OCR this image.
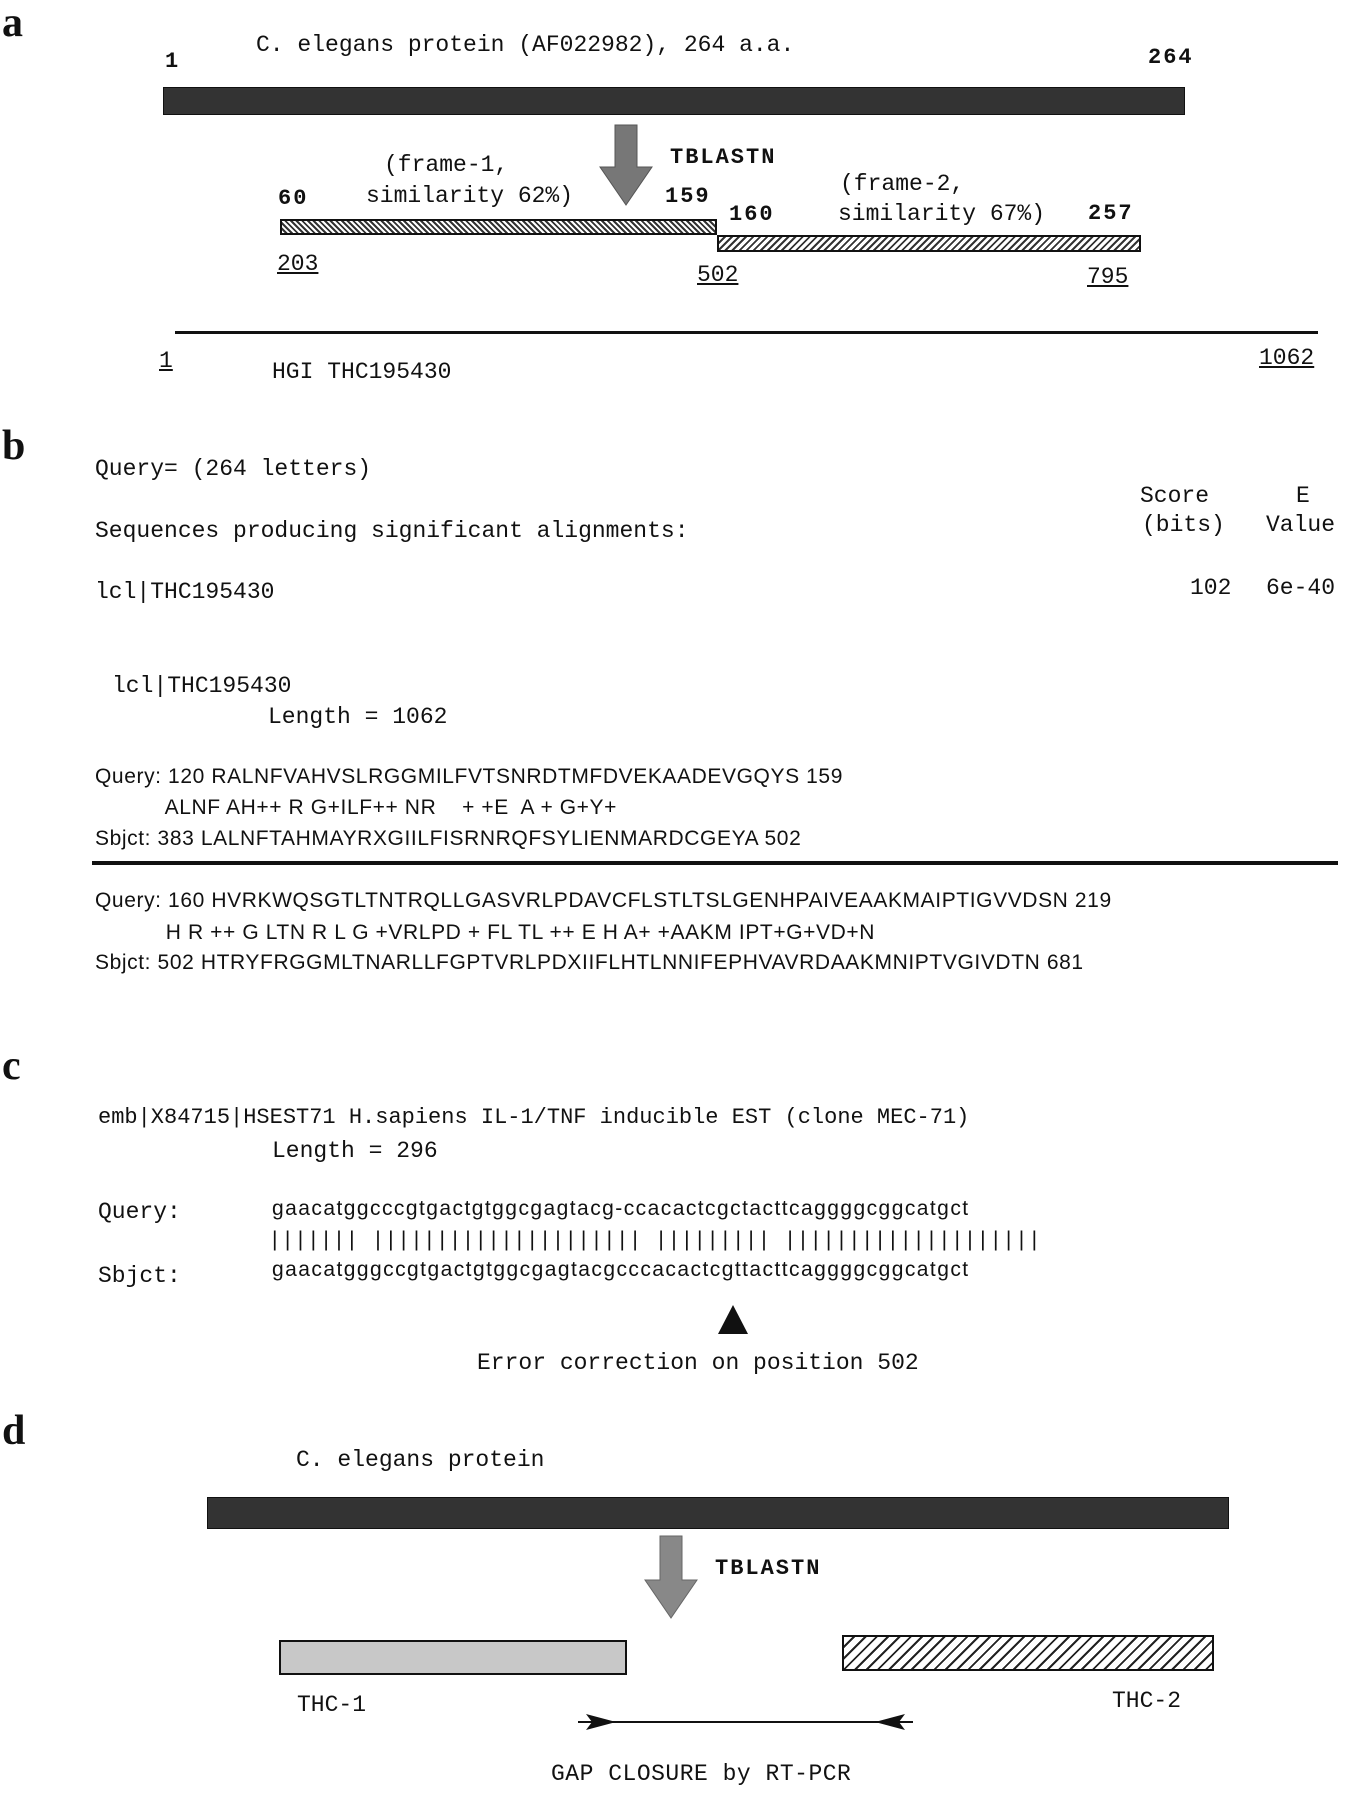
a	C. elegans protein (AF022982), 264 a.a.
1	264
TBLASTN
(frame-1,
similarity 62%)	(frame-2,
similarity 67%)
60	159
160	257
203	502	795
1	1062
HGI THC195430
b	Query= (264 letters)
Score
(bits)
E
Value
Sequences producing significant alignments:
lcl|THC195430	102 6e-40
lcl|THC195430
Length = 1062
Query: 120 RALNFVAHVSLRGGMILFVTSNRDTMFDVEKAADEVGQYS 159
ALNF AH++ R G+ILF++ NR    + +E  A + G+Y+
Sbjct: 383 LALNFTAHMAYRXGIILFISRNRQFSYLIENMARDCGEYA 502
Query: 160 HVRKWQSGTLTNTRQLLGASVRLPDAVCFLSTLTSLGENHPAIVEAAKMAIPTIGVVDSN 219
H R ++ G LTN R L G +VRLPD + FL TL ++ E H A+ +AAKM IPT+G+VD+N
Sbjct: 502 HTRYFRGGMLTNARLLFGPTVRLPDXIIFLHTLNNIFEPHVAVRDAAKMNIPTVGIVDTN 681
c
emb|X84715|HSEST71 H.sapiens IL-1/TNF inducible EST (clone MEC-71)
Length = 296
Query:	gaacatggcccgtgactgtggcgagtacg-ccacactcgctacttcaggggcggcatgct
||||||| ||||||||||||||||||||| ||||||||| ||||||||||||||||||||
Sbjct:	gaacatgggccgtgactgtggcgagtacgcccacactcgttacttcaggggcggcatgct
Error correction on position 502
d
C. elegans protein
TBLASTN
THC-1	THC-2
GAP CLOSURE by RT-PCR
